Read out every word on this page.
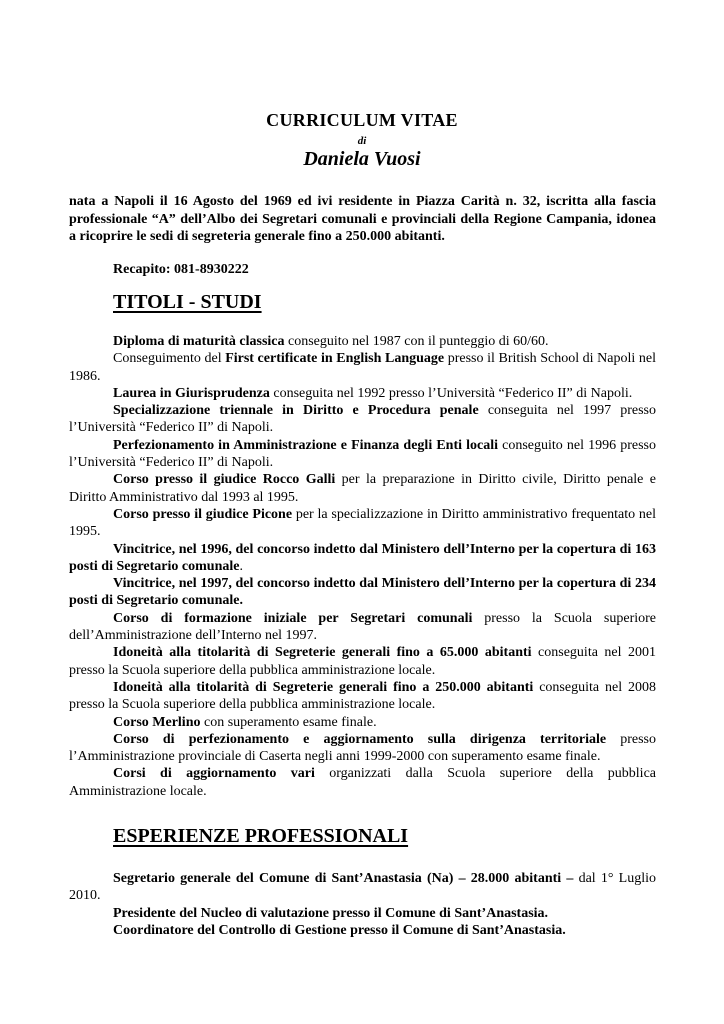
CURRICULUM VITAE
di
Daniela Vuosi
nata a Napoli il 16 Agosto del 1969 ed ivi residente in Piazza Carità n. 32, iscritta alla fascia professionale “A” dell’Albo dei Segretari comunali e provinciali della Regione Campania, idonea a ricoprire le sedi di segreteria generale fino a 250.000 abitanti.
Recapito: 081-8930222
TITOLI - STUDI

Diploma di maturità classica conseguito nel 1987 con il punteggio di 60/60.

Conseguimento del First certificate in English Language presso il British School di Napoli nel 1986.

Laurea in Giurisprudenza conseguita nel 1992 presso l’Università “Federico II” di Napoli.

Specializzazione triennale in Diritto e Procedura penale conseguita nel 1997 presso l’Università “Federico II” di Napoli.

Perfezionamento in Amministrazione e Finanza degli Enti locali conseguito nel 1996 presso l’Università “Federico II” di Napoli.

Corso presso il giudice Rocco Galli per la preparazione in Diritto civile, Diritto penale e Diritto Amministrativo dal 1993 al 1995.

Corso presso il giudice Picone per la specializzazione in Diritto amministrativo frequentato nel 1995.

Vincitrice, nel 1996, del concorso indetto dal Ministero dell’Interno per la copertura di 163 posti di Segretario comunale.

Vincitrice, nel 1997, del concorso indetto dal Ministero dell’Interno per la copertura di 234 posti di Segretario comunale.

Corso di formazione iniziale per Segretari comunali presso la Scuola superiore dell’Amministrazione dell’Interno nel 1997.

Idoneità alla titolarità di Segreterie generali fino a 65.000 abitanti conseguita nel 2001 presso la Scuola superiore della pubblica amministrazione locale.

Idoneità alla titolarità di Segreterie generali fino a 250.000 abitanti conseguita nel 2008 presso la Scuola superiore della pubblica amministrazione locale.

Corso Merlino con superamento esame finale.

Corso di perfezionamento e aggiornamento sulla dirigenza territoriale presso l’Amministrazione provinciale di Caserta negli anni 1999-2000 con superamento esame finale.

Corsi di aggiornamento vari organizzati dalla Scuola superiore della pubblica Amministrazione locale.

ESPERIENZE PROFESSIONALI

Segretario generale del Comune di Sant’Anastasia (Na) – 28.000 abitanti – dal 1° Luglio 2010.

Presidente del Nucleo di valutazione presso il Comune di Sant’Anastasia.

Coordinatore del Controllo di Gestione presso il Comune di Sant’Anastasia.
